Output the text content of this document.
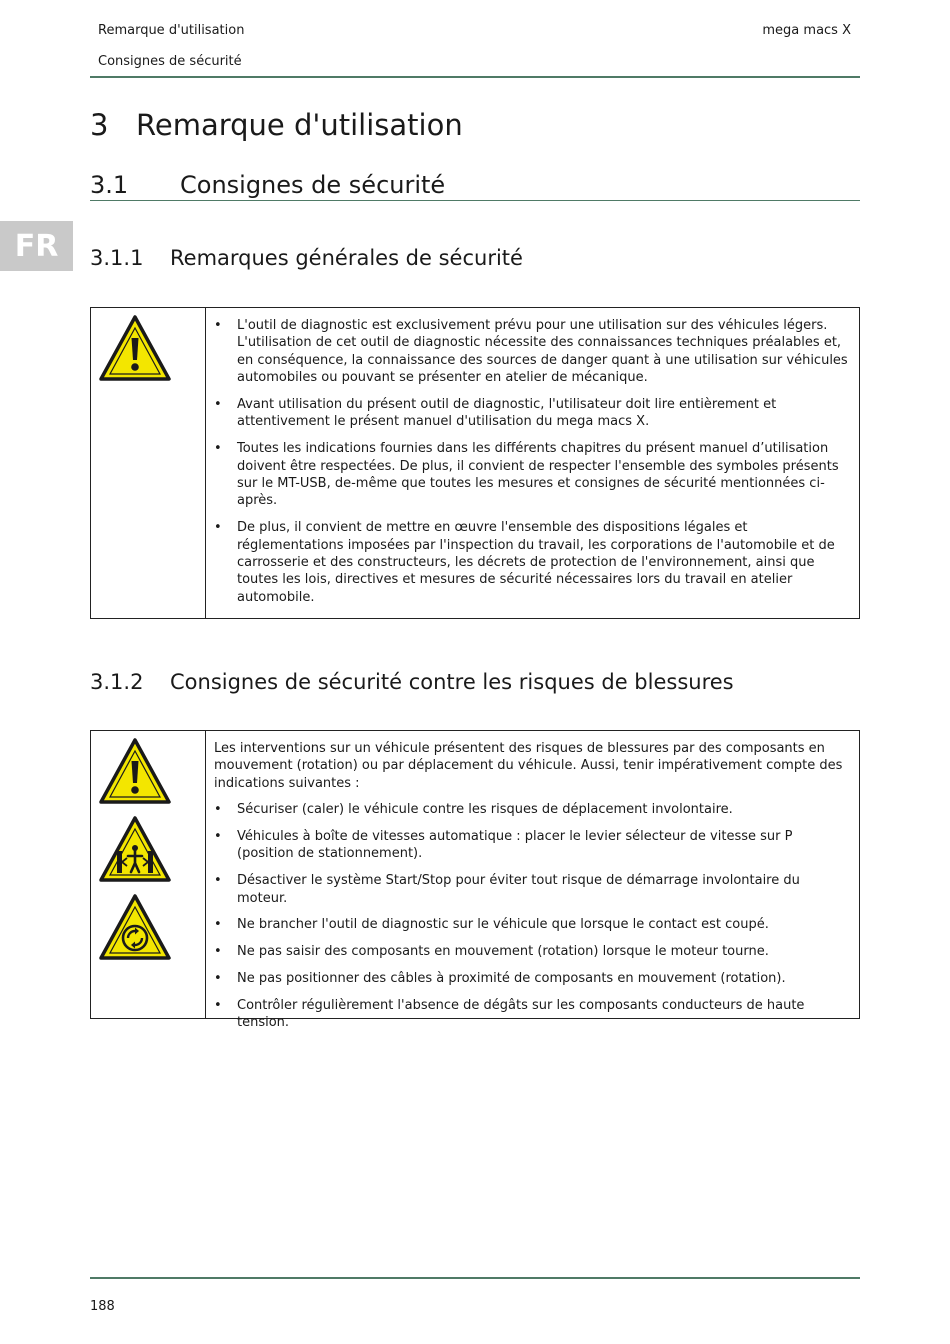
Remarque d'utilisation
Consignes de sécurité
mega macs X
FR
3 Remarque d'utilisation
3.1 Consignes de sécurité
3.1.1 Remarques générales de sécurité
• L'outil de diagnostic est exclusivement prévu pour une utilisation sur des véhicules légers. L'utilisation de cet outil de diagnostic nécessite des connaissances techniques préalables et, en conséquence, la connaissance des sources de danger quant à une utilisation sur véhicules automobiles ou pouvant se présenter en atelier de mécanique.
• Avant utilisation du présent outil de diagnostic, l'utilisateur doit lire entièrement et attentivement le présent manuel d'utilisation du mega macs X.
• Toutes les indications fournies dans les différents chapitres du présent manuel d’utilisation doivent être respectées. De plus, il convient de respecter l'ensemble des symboles présents sur le MT-USB, de-même que toutes les mesures et consignes de sécurité mentionnées ci-après.
• De plus, il convient de mettre en œuvre l'ensemble des dispositions légales et réglementations imposées par l'inspection du travail, les corporations de l'automobile et de carrosserie et des constructeurs, les décrets de protection de l'environnement, ainsi que toutes les lois, directives et mesures de sécurité nécessaires lors du travail en atelier automobile.
3.1.2 Consignes de sécurité contre les risques de blessures

Les interventions sur un véhicule présentent des risques de blessures par des composants en mouvement (rotation) ou par déplacement du véhicule. Aussi, tenir impérativement compte des indications suivantes :

• Sécuriser (caler) le véhicule contre les risques de déplacement involontaire.
• Véhicules à boîte de vitesses automatique : placer le levier sélecteur de vitesse sur P (position de stationnement).
• Désactiver le système Start/Stop pour éviter tout risque de démarrage involontaire du moteur.
• Ne brancher l'outil de diagnostic sur le véhicule que lorsque le contact est coupé.
• Ne pas saisir des composants en mouvement (rotation) lorsque le moteur tourne.
• Ne pas positionner des câbles à proximité de composants en mouvement (rotation).
• Contrôler régulièrement l'absence de dégâts sur les composants conducteurs de haute tension.
188
